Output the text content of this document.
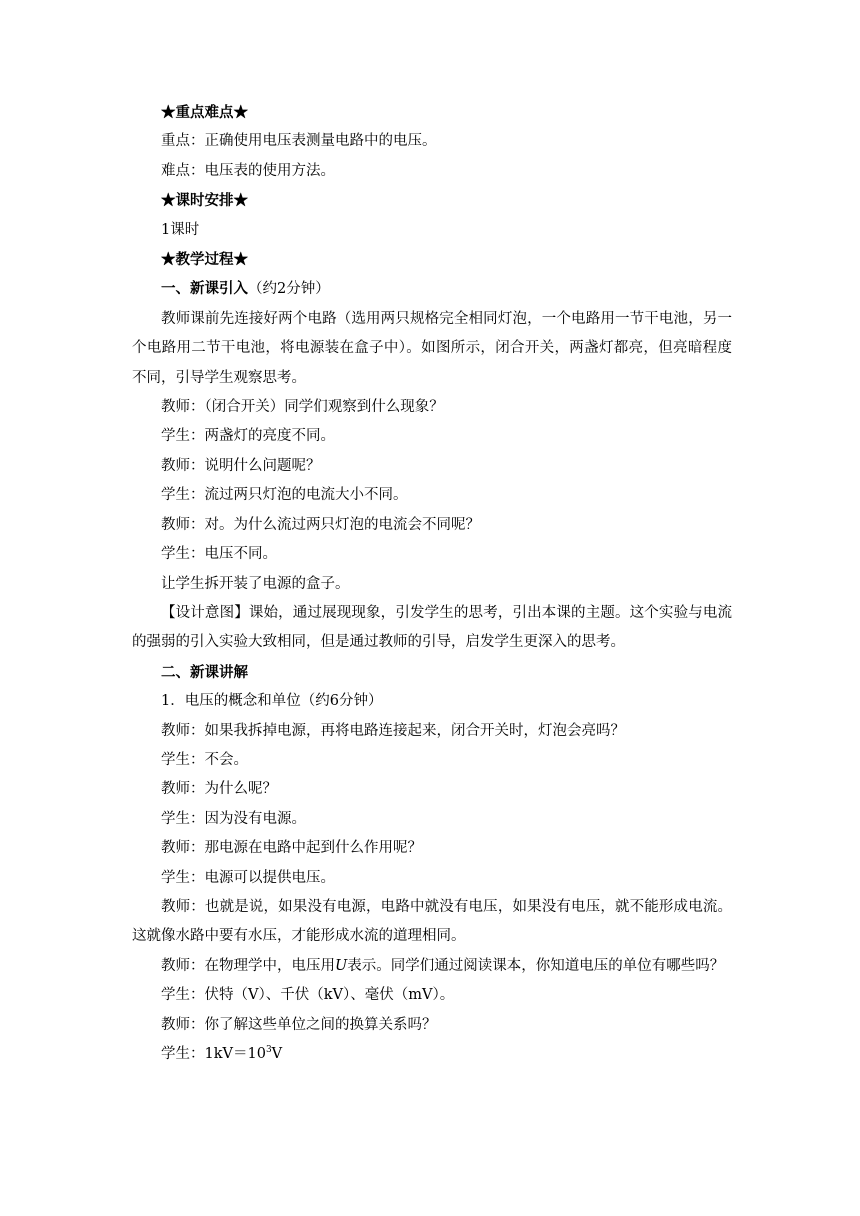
★重点难点★

重点：正确使用电压表测量电路中的电压。

难点：电压表的使用方法。

★课时安排★

1课时

★教学过程★

一、新课引入（约2分钟）

教师课前先连接好两个电路（选用两只规格完全相同灯泡，一个电路用一节干电池，另一个电路用二节干电池，将电源装在盒子中）。如图所示，闭合开关，两盏灯都亮，但亮暗程度不同，引导学生观察思考。

教师：（闭合开关）同学们观察到什么现象？

学生：两盏灯的亮度不同。

教师：说明什么问题呢？

学生：流过两只灯泡的电流大小不同。

教师：对。为什么流过两只灯泡的电流会不同呢？

学生：电压不同。

让学生拆开装了电源的盒子。

【设计意图】课始，通过展现现象，引发学生的思考，引出本课的主题。这个实验与电流的强弱的引入实验大致相同，但是通过教师的引导，启发学生更深入的思考。

二、新课讲解

1．电压的概念和单位（约6分钟）

教师：如果我拆掉电源，再将电路连接起来，闭合开关时，灯泡会亮吗？

学生：不会。

教师：为什么呢？

学生：因为没有电源。

教师：那电源在电路中起到什么作用呢？

学生：电源可以提供电压。

教师：也就是说，如果没有电源，电路中就没有电压，如果没有电压，就不能形成电流。这就像水路中要有水压，才能形成水流的道理相同。

教师：在物理学中，电压用U表示。同学们通过阅读课本，你知道电压的单位有哪些吗？

学生：伏特（V）、千伏（kV）、毫伏（mV）。

教师：你了解这些单位之间的换算关系吗？

学生：$1kV=10^3V$
